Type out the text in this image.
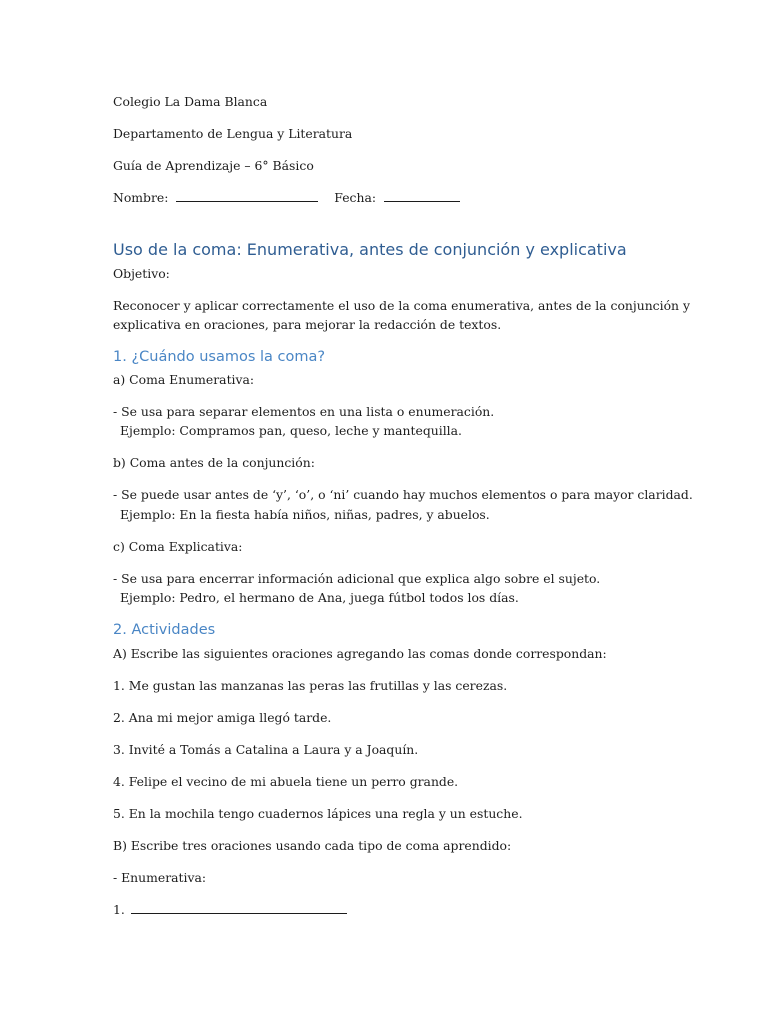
Colegio La Dama Blanca
Departamento de Lengua y Literatura
Guía de Aprendizaje – 6° Básico
Nombre:	Fecha:
Uso de la coma: Enumerativa, antes de conjunción y explicativa
Objetivo:
Reconocer y aplicar correctamente el uso de la coma enumerativa, antes de la conjunción y
explicativa en oraciones, para mejorar la redacción de textos.
1. ¿Cuándo usamos la coma?
a) Coma Enumerativa:
- Se usa para separar elementos en una lista o enumeración.
Ejemplo: Compramos pan, queso, leche y mantequilla.
b) Coma antes de la conjunción:
- Se puede usar antes de ‘y’, ‘o’, o ‘ni’ cuando hay muchos elementos o para mayor claridad.
Ejemplo: En la fiesta había niños, niñas, padres, y abuelos.
c) Coma Explicativa:
- Se usa para encerrar información adicional que explica algo sobre el sujeto.
Ejemplo: Pedro, el hermano de Ana, juega fútbol todos los días.
2. Actividades
A) Escribe las siguientes oraciones agregando las comas donde correspondan:
1. Me gustan las manzanas las peras las frutillas y las cerezas.
2. Ana mi mejor amiga llegó tarde.
3. Invité a Tomás a Catalina a Laura y a Joaquín.
4. Felipe el vecino de mi abuela tiene un perro grande.
5. En la mochila tengo cuadernos lápices una regla y un estuche.
B) Escribe tres oraciones usando cada tipo de coma aprendido:
- Enumerativa:
1.
